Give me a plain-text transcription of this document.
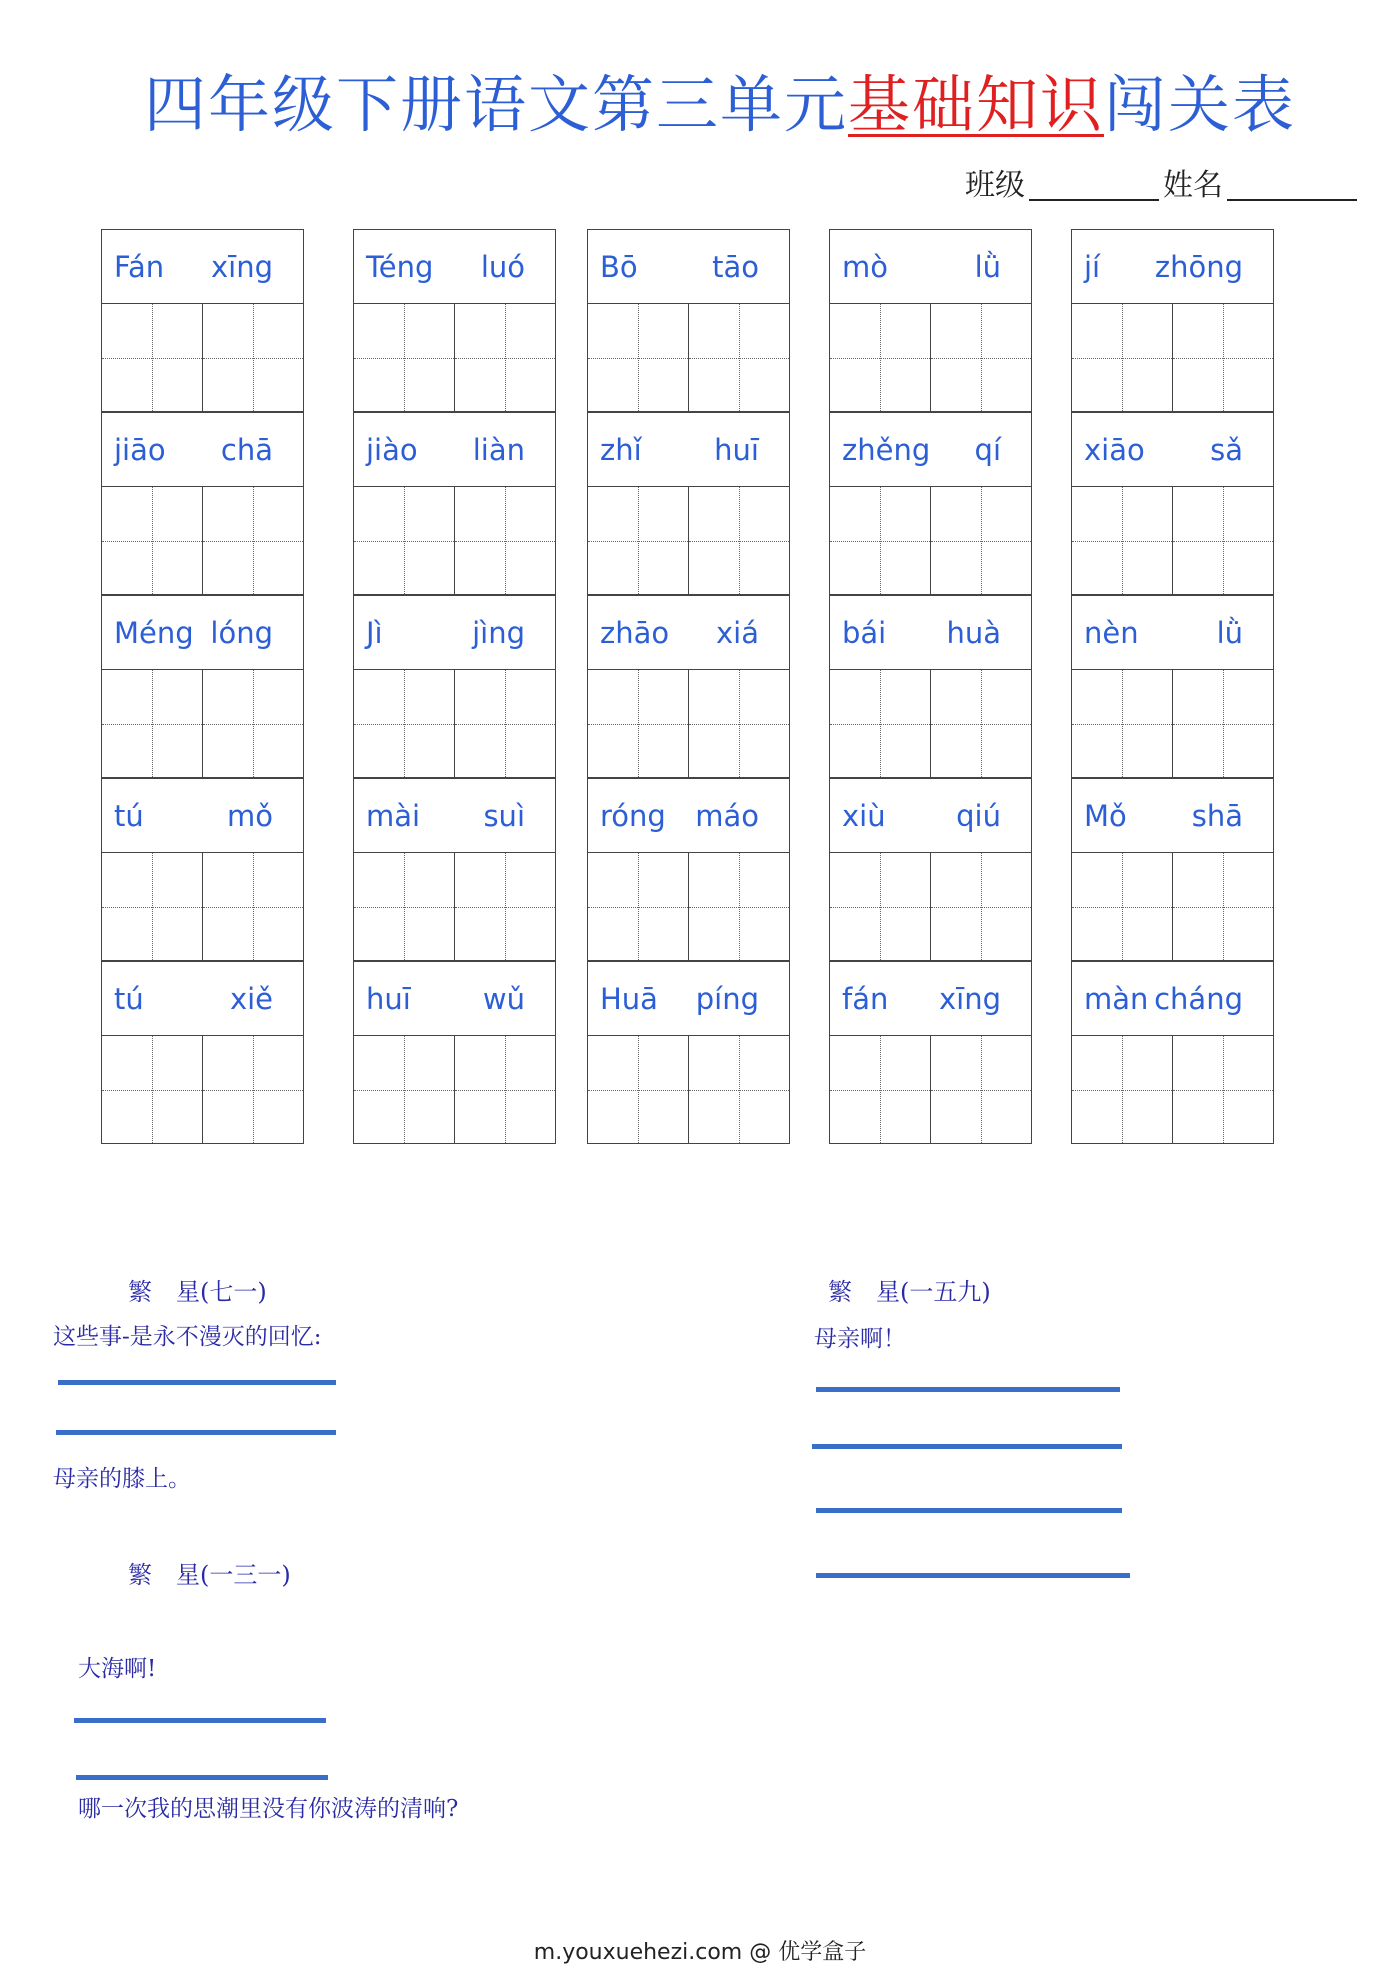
四年级下册语文第三单元基础知识闯关表
班级	姓名
Fán xīng
jiāo chā
Méng lóng
tú	mǒ
tú	xiě
Téng luó
jiào liàn
Jì	jìng
mài suì
huī wǔ
Bō	tāo
zhǐ	huī
zhāo xiá
róng máo
Huā píng
mò	lǜ
zhěng qí
bái huà
xiù qiú
fán xīng
jí zhōng
xiāo sǎ
nèn	lǜ
Mǒ shā
màn cháng
繁　星(七一)
这些事-是永不漫灭的回忆:
母亲的膝上。
繁　星(一三一)
大海啊!
哪一次我的思潮里没有你波涛的清响?
繁　星(一五九)
母亲啊！
m.youxuehezi.com @ 优学盒子
